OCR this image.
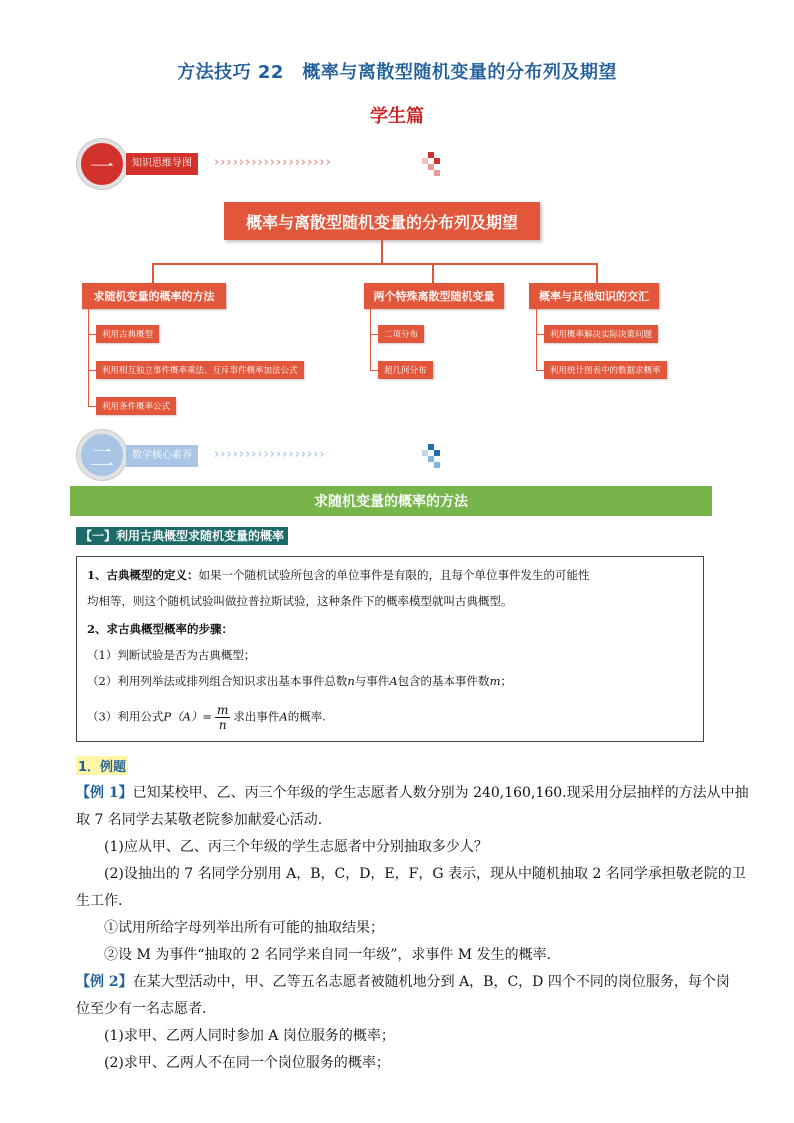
方法技巧 22　概率与离散型随机变量的分布列及期望
学生篇
一	知识思维导图	›››››››››››››››››››
概率与离散型随机变量的分布列及期望
求随机变量的概率的方法	两个特殊离散型随机变量	概率与其他知识的交汇
利用古典概型
利用相互独立事件概率乘法、互斥事件概率加法公式
利用条件概率公式
二项分布
超几何分布
利用概率解决实际决策问题
利用统计图表中的数据求概率
二	数学核心素养	››››››››››››››››››
求随机变量的概率的方法
【一】利用古典概型求随机变量的概率
1、古典概型的定义：如果一个随机试验所包含的单位事件是有限的，且每个单位事件发生的可能性
均相等，则这个随机试验叫做拉普拉斯试验，这种条件下的概率模型就叫古典概型。
2、求古典概型概率的步骤：
（1）判断试验是否为古典概型；
（2）利用列举法或排列组合知识求出基本事件总数n与事件A包含的基本事件数m；
（3）利用公式$P(A)= \frac{m}{n}$ 求出事件A的概率.
1．例题
【例 1】已知某校甲、乙、丙三个年级的学生志愿者人数分别为 240,160,160.现采用分层抽样的方法从中抽
取 7 名同学去某敬老院参加献爱心活动.
(1)应从甲、乙、丙三个年级的学生志愿者中分别抽取多少人？
(2)设抽出的 7 名同学分别用 A，B，C，D，E，F，G 表示，现从中随机抽取 2 名同学承担敬老院的卫
生工作.
①试用所给字母列举出所有可能的抽取结果；
②设 M 为事件“抽取的 2 名同学来自同一年级”，求事件 M 发生的概率.
【例 2】在某大型活动中，甲、乙等五名志愿者被随机地分到 A，B，C，D 四个不同的岗位服务，每个岗
位至少有一名志愿者.
(1)求甲、乙两人同时参加 A 岗位服务的概率；
(2)求甲、乙两人不在同一个岗位服务的概率；
